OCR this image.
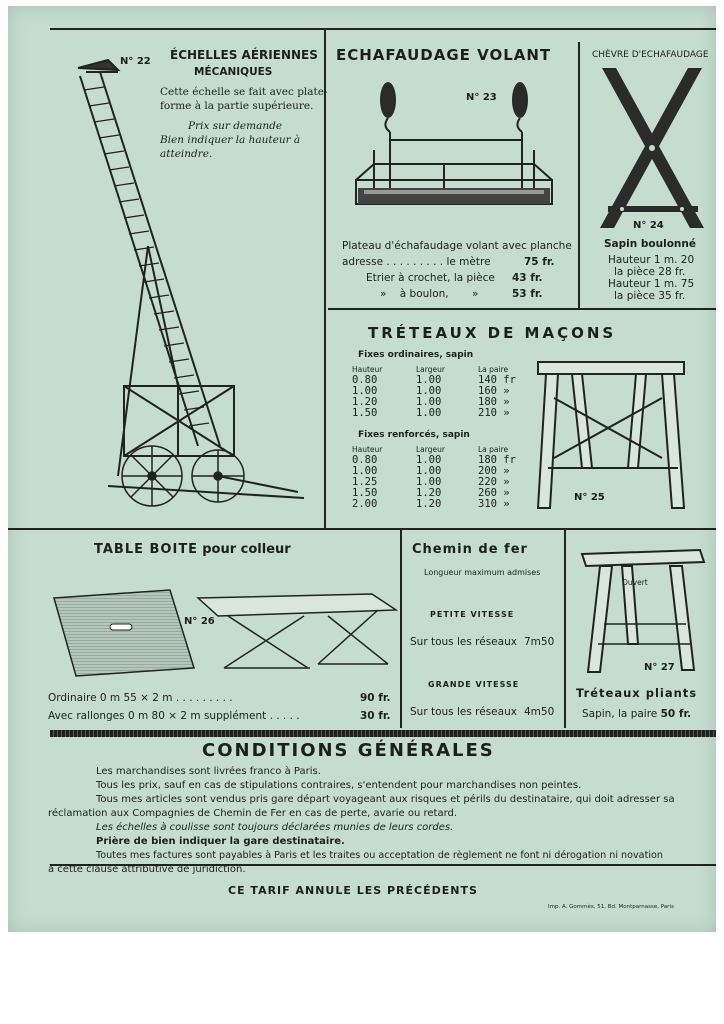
N° 22 ÉCHELLES AÉRIENNES
MÉCANIQUES
Cette échelle se fait avec plate-
forme à la partie supérieure.
Prix sur demande
Bien indiquer la hauteur à
atteindre.
ECHAFAUDAGE VOLANT
N° 23
Plateau d'échafaudage volant avec planche
adresse . . . . . . . . . le mètre	75 fr.
Etrier à crochet, la pièce 43 fr.
»    à boulon,       »	53 fr.
CHÈVRE D'ECHAFAUDAGE
N° 24
Sapin boulonné
Hauteur 1 m. 20
la pièce 28 fr.
Hauteur 1 m. 75
la pièce 35 fr.
TRÉTEAUX DE MAÇONS
Fixes ordinaires, sapin
Hauteur	Largeur	La paire
0.80	1.00	140 fr
1.00	1.00	160 »
1.20	1.00	180 »
1.50	1.00	210 »
Fixes renforcés, sapin
Hauteur	Largeur	La paire
0.80	1.00	180 fr
1.00	1.00	200 »
1.25	1.00	220 »
1.50	1.20	260 »
2.00	1.20	310 »
N° 25
TABLE BOITE pour colleur
N° 26
Ordinaire 0 m 55 × 2 m . . . . . . . . .	90 fr.
Avec rallonges 0 m 80 × 2 m supplément . . . . .	30 fr.
Chemin de fer
Longueur maximum admises
PETITE VITESSE
Sur tous les réseaux 7m50
GRANDE VITESSE
Sur tous les réseaux 4m50
Ouvert
N° 27
Tréteaux pliants
Sapin, la paire 50 fr.
CONDITIONS GÉNÉRALES
Les marchandises sont livrées franco à Paris.
Tous les prix, sauf en cas de stipulations contraires, s'entendent pour marchandises non peintes.
Tous mes articles sont vendus pris gare départ voyageant aux risques et périls du destinataire, qui doit adresser sa
réclamation aux Compagnies de Chemin de Fer en cas de perte, avarie ou retard.
Les échelles à coulisse sont toujours déclarées munies de leurs cordes.
Prière de bien indiquer la gare destinataire.
Toutes mes factures sont payables à Paris et les traites ou acceptation de règlement ne font ni dérogation ni novation
à cette clause attributive de juridiction.
CE TARIF ANNULE LES PRÉCÉDENTS
Imp. A. Gommès, 51, Bd. Montparnasse, Paris
